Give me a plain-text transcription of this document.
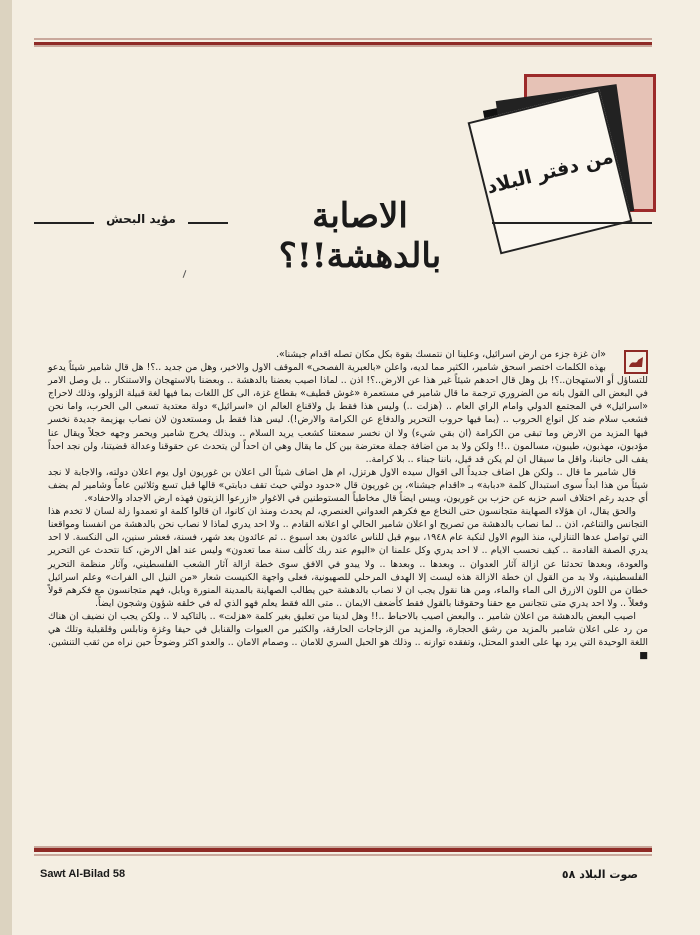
من دفتر البلاد
مؤيد البحش	الاصابة بالدهشة!!؟

«ان غزة جزء من ارض اسرائيل، وعلينا ان نتمسك بقوة بكل مكان تصله اقدام جيشنا».

بهذه الكلمات اختصر اسحق شامير، الكثير مما لديه، واعلن «بالعبرية الفصحى» الموقف الاول والاخير، وهل من جديد ..؟! هل قال شامير شيئاً يدعو للتساؤل أو الاستهجان..؟! بل وهل قال احدهم شيئاً غير هذا عن الارض..؟! اذن .. لماذا اصيب بعضنا بالدهشة .. وبعضنا بالاستهجان والاستنكار .. بل وصل الامر في البعض الى القول بانه من الضروري ترجمة ما قال شامير في مستعمرة «غوش قطيف» بقطاع غزة، الى كل اللغات بما فيها لغة قبيلة الزولو، وذلك لاحراج «اسرائيل» في المجتمع الدولي وامام الراي العام .. (هزلت ..) وليس هذا فقط بل ولاقناع العالم ان «اسرائيل» دولة معتدية تسعى الى الحرب، واما نحن فشعب سلام ضد كل انواع الحروب .. (بما فيها حروب التحرير والدفاع عن الكرامة والارض!). ليس هذا فقط بل ومستعدون لان نصاب بهزيمة جديدة نخسر فيها المزيد من الارض وما تبقى من الكرامة (ان بقي شيء) ولا ان نخسر سمعتنا كشعب يريد السلام .. وبذلك يخرج شامير ويحمر وجهه خجلاً ويقال عنا مؤدبون، مهذبون، طيبون، مسالمون ..!! ولكن ولا بد من اضافة جملة معترضة بين كل ما يقال وهي ان احداً لن يتحدث عن حقوقنا وعدالة قضيتنا، ولن نجد احداً يقف الى جانبنا، واقل ما سيقال ان لم يكن قد قيل، باننا جبناء .. بلا كرامة..

قال شامير ما قال .. ولكن هل اضاف جديداً الى اقوال سيده الاول هرتزل، ام هل اضاف شيئاً الى اعلان بن غوريون اول يوم اعلان دولته، والاجابة لا نجد شيئاً من هذا ابداً سوى استبدال كلمة «دبابة» بـ «اقدام جيشنا»، بن غوريون قال «حدود دولتي حيث تقف دبابتي» قالها قبل تسع وثلاثين عاماً وشامير لم يضف أي جديد رغم اختلاف اسم حزبه عن حزب بن غوريون، ويبس ايضاً قال مخاطباً المستوطنين في الاغوار «ازرعوا الزيتون فهذه ارض الاجداد والاحفاد».

والحق يقال، ان هؤلاء الصهاينة متجانسون حتى النخاع مع فكرهم العدواني العنصري، لم يحدث ومنذ ان كانوا، ان قالوا كلمة او تعمدوا زلة لسان لا تخدم هذا التجانس والتناغم، اذن .. لما نصاب بالدهشة من تصريح او اعلان شامير الحالي او اعلانه القادم .. ولا احد يدري لماذا لا نصاب نحن بالدهشة من انفسنا ومواقعنا التي تواصل عدها التنازلي، منذ اليوم الاول لنكبة عام ١٩٤٨، بيوم قبل للناس عائدون بعد اسبوع .. ثم عائدون بعد شهر، فسنة، فعشر سنين، الى النكسة. لا احد يدري الصفة القادمة .. كيف نحسب الايام .. لا احد يدري وكل علمنا ان «اليوم عند ربك كألف سنة مما تعدون» وليس عند اهل الارض، كنا نتحدث عن التحرير والعودة، وبعدها تحدثنا عن ازالة آثار العدوان .. وبعدها .. وبعدها .. ولا يبدو في الافق سوى خطة ازالة آثار الشعب الفلسطيني، وآثار منظمة التحرير الفلسطينية، ولا بد من القول ان خطة الازالة هذه ليست إلا الهدف المرحلي للصهيونية، فعلى واجهة الكنيست شعار «من النيل الى الفرات» وعلم اسرائيل خطان من اللون الازرق الى الماء والماء، ومن هنا نقول يجب ان لا نصاب بالدهشة حين يطالب الصهاينة بالمدينة المنورة وبابل، فهم متجانسون مع فكرهم قولاً وفعلاً .. ولا احد يدري متى نتجانس مع حقنا وحقوقنا بالقول فقط كأضعف الايمان .. متى الله فقط يعلم فهو الذي له في خلقه شؤون وشجون ايضاً.

اصيب البعض بالدهشة من اعلان شامير .. والبعض اصيب بالاحباط ..!! وهل لدينا من تعليق بغير كلمة «هزلت» .. بالتاكيد لا .. ولكن يجب ان نضيف ان هناك من رد على اعلان شامير بالمزيد من رشق الحجارة، والمزيد من الزجاجات الحارقة، والكثير من العبوات والقنابل في حيفا وغزة ونابلس وقلقيلية وتلك هي اللغة الوحيدة التي يرد بها على العدو المحتل، وتفقده توازنه .. وذلك هو الحبل السري للامان .. وصمام الامان .. والعدو اكثر وضوحاً حين نراه من ثقب التنشين. ■

Sawt Al-Bilad 58	صوت البلاد ٥٨
